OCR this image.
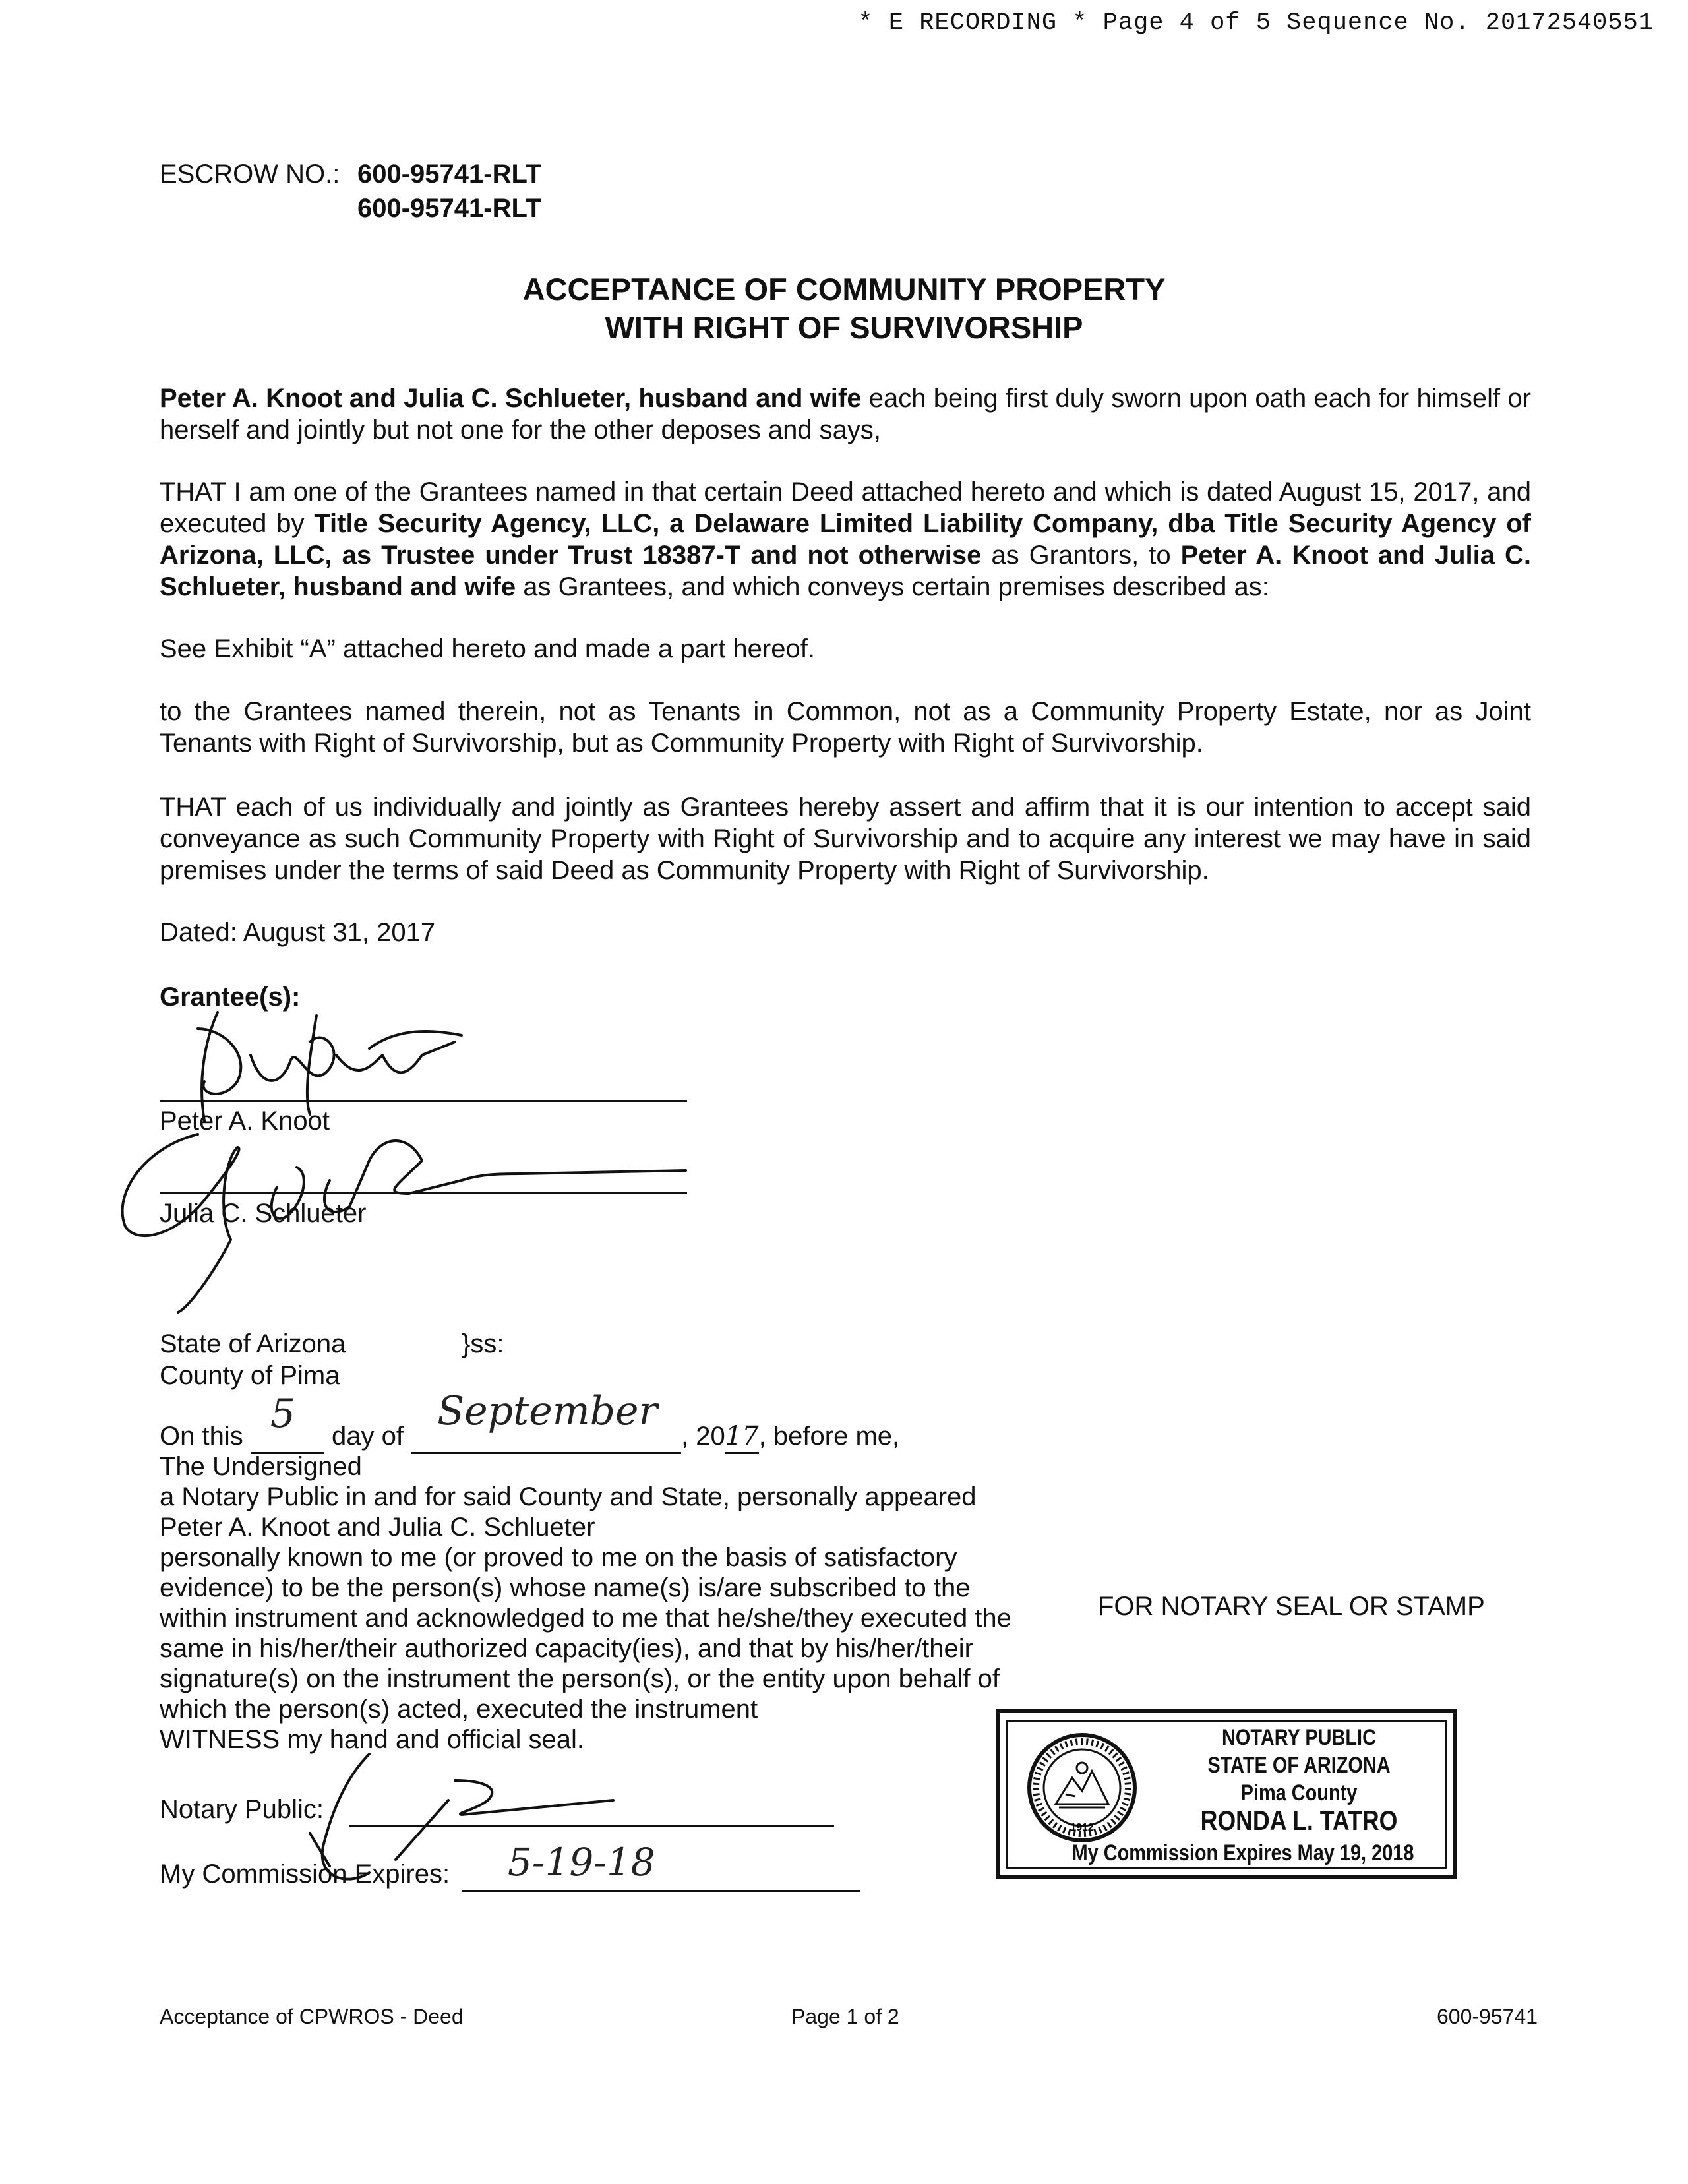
* E RECORDING * Page 4 of 5 Sequence No. 20172540551
ESCROW NO.: 600-95741-RLT
600-95741-RLT
ACCEPTANCE OF COMMUNITY PROPERTY
WITH RIGHT OF SURVIVORSHIP
Peter A. Knoot and Julia C. Schlueter, husband and wife each being first duly sworn upon oath each for himself or herself and jointly but not one for the other deposes and says,
THAT I am one of the Grantees named in that certain Deed attached hereto and which is dated August 15, 2017, and executed by Title Security Agency, LLC, a Delaware Limited Liability Company, dba Title Security Agency of Arizona, LLC, as Trustee under Trust 18387-T and not otherwise as Grantors, to Peter A. Knoot and Julia C. Schlueter, husband and wife as Grantees, and which conveys certain premises described as:
See Exhibit “A” attached hereto and made a part hereof.
to the Grantees named therein, not as Tenants in Common, not as a Community Property Estate, nor as Joint Tenants with Right of Survivorship, but as Community Property with Right of Survivorship.
THAT each of us individually and jointly as Grantees hereby assert and affirm that it is our intention to accept said conveyance as such Community Property with Right of Survivorship and to acquire any interest we may have in said premises under the terms of said Deed as Community Property with Right of Survivorship.
Dated: August 31, 2017
Grantee(s):
Peter A. Knoot
Julia C. Schlueter
State of Arizona	}ss:
County of Pima
On this 5 day of
September
, 2017, before me,
The Undersigned
a Notary Public in and for said County and State, personally appeared
Peter A. Knoot and Julia C. Schlueter
personally known to me (or proved to me on the basis of satisfactory
evidence) to be the person(s) whose name(s) is/are subscribed to the
within instrument and acknowledged to me that he/she/they executed the
same in his/her/their authorized capacity(ies), and that by his/her/their
signature(s) on the instrument the person(s), or the entity upon behalf of
which the person(s) acted, executed the instrument
WITNESS my hand and official seal.
Notary Public:
My Commission Expires: 5-19-18
FOR NOTARY SEAL OR STAMP
1912
NOTARY PUBLIC
STATE OF ARIZONA
Pima County
RONDA L. TATRO
My Commission Expires May 19, 2018
Acceptance of CPWROS - Deed	Page 1 of 2	600-95741
